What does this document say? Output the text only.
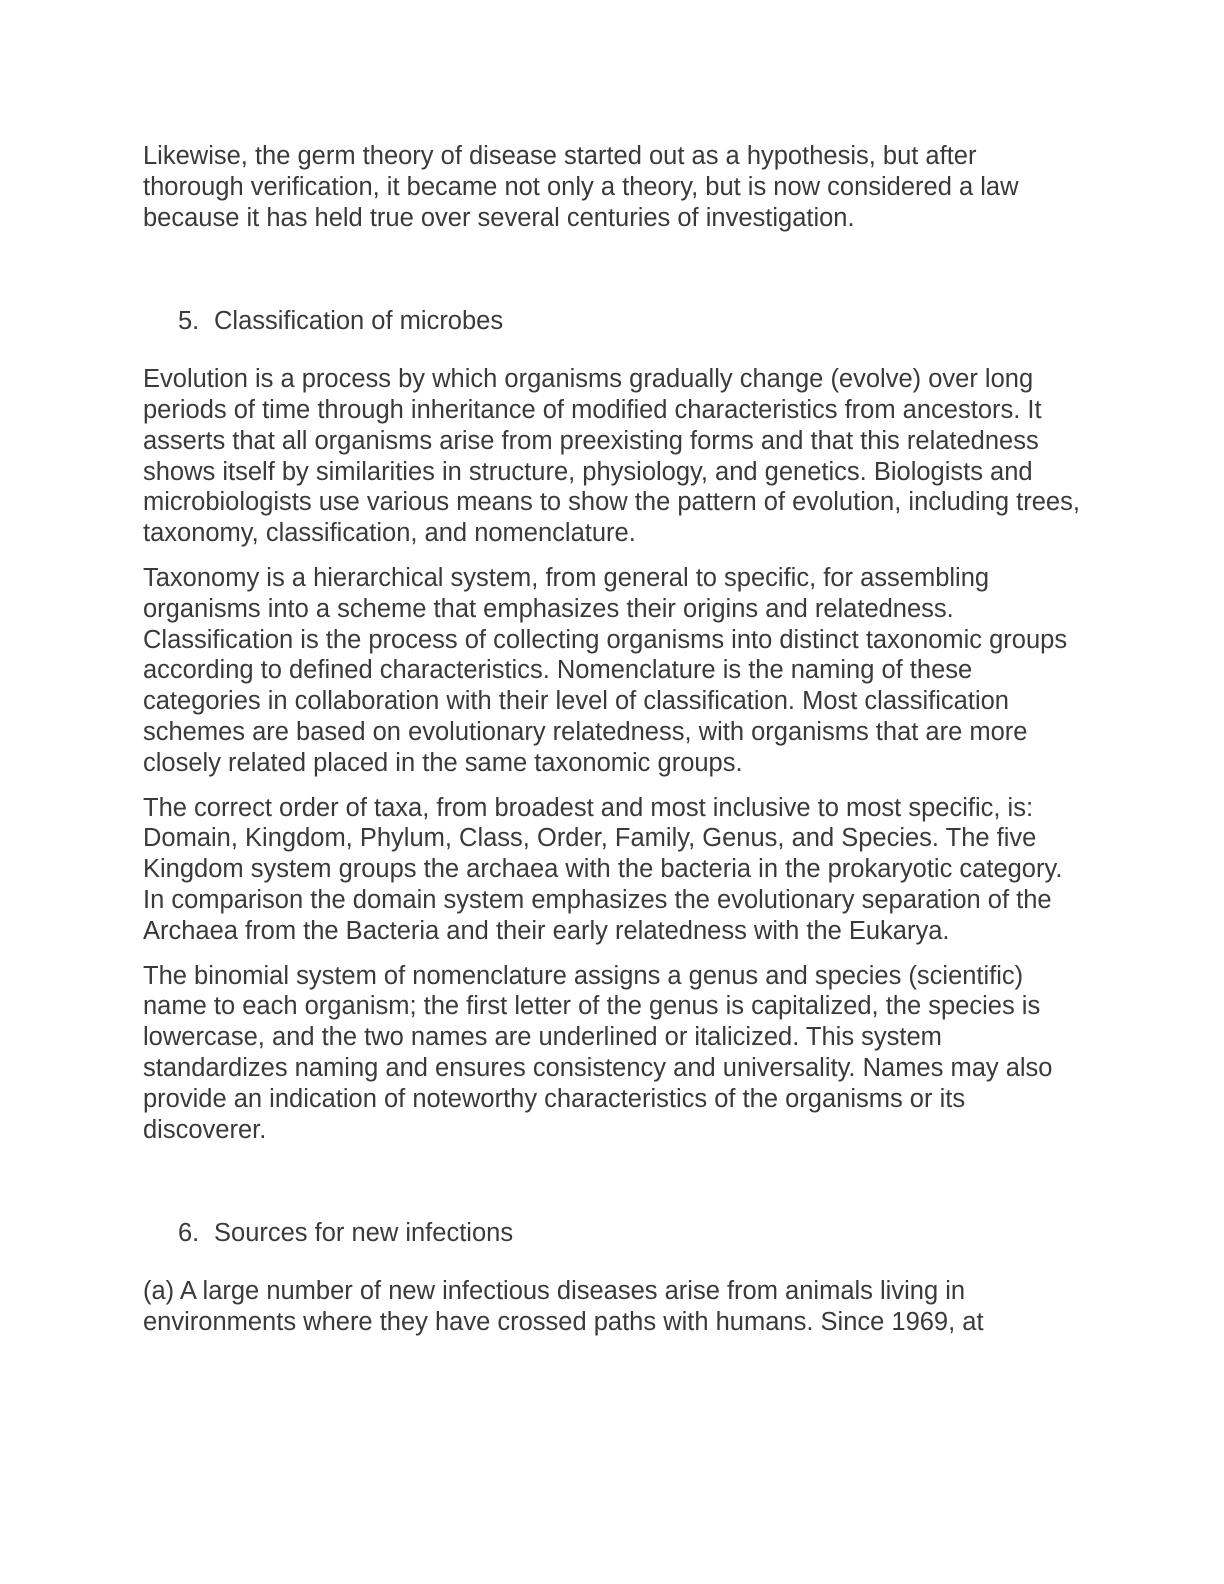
Likewise, the germ theory of disease started out as a hypothesis, but after thorough verification, it became not only a theory, but is now considered a law because it has held true over several centuries of investigation.

5. Classification of microbes

Evolution is a process by which organisms gradually change (evolve) over long periods of time through inheritance of modified characteristics from ancestors. It asserts that all organisms arise from preexisting forms and that this relatedness shows itself by similarities in structure, physiology, and genetics. Biologists and microbiologists use various means to show the pattern of evolution, including trees, taxonomy, classification, and nomenclature.

Taxonomy is a hierarchical system, from general to specific, for assembling organisms into a scheme that emphasizes their origins and relatedness. Classification is the process of collecting organisms into distinct taxonomic groups according to defined characteristics. Nomenclature is the naming of these categories in collaboration with their level of classification. Most classification schemes are based on evolutionary relatedness, with organisms that are more closely related placed in the same taxonomic groups.

The correct order of taxa, from broadest and most inclusive to most specific, is: Domain, Kingdom, Phylum, Class, Order, Family, Genus, and Species. The five Kingdom system groups the archaea with the bacteria in the prokaryotic category. In comparison the domain system emphasizes the evolutionary separation of the Archaea from the Bacteria and their early relatedness with the Eukarya.

The binomial system of nomenclature assigns a genus and species (scientific) name to each organism; the first letter of the genus is capitalized, the species is lowercase, and the two names are underlined or italicized. This system standardizes naming and ensures consistency and universality. Names may also provide an indication of noteworthy characteristics of the organisms or its discoverer.

6. Sources for new infections

(a) A large number of new infectious diseases arise from animals living in environments where they have crossed paths with humans. Since 1969, at
